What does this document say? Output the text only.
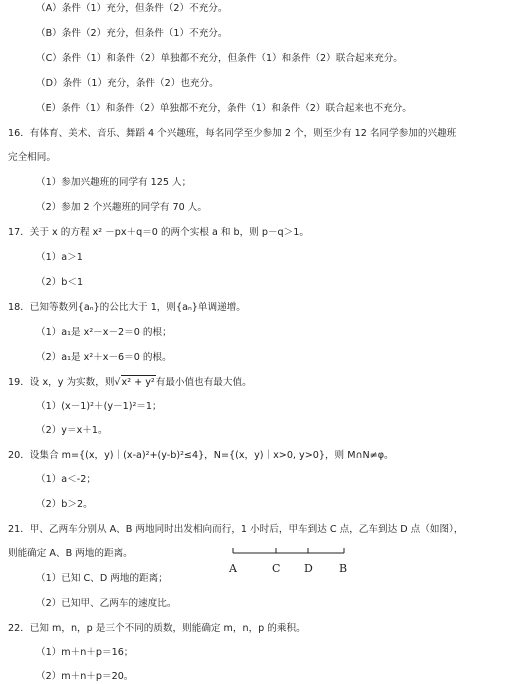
（A）条件（1）充分，但条件（2）不充分。
（B）条件（2）充分，但条件（1）不充分。
（C）条件（1）和条件（2）单独都不充分，但条件（1）和条件（2）联合起来充分。
（D）条件（1）充分，条件（2）也充分。
（E）条件（1）和条件（2）单独都不充分，条件（1）和条件（2）联合起来也不充分。
16．有体育、美术、音乐、舞蹈 4 个兴趣班，每名同学至少参加 2 个，则至少有 12 名同学参加的兴趣班
完全相同。
（1）参加兴趣班的同学有 125 人；
（2）参加 2 个兴趣班的同学有 70 人。
17．关于 x 的方程 x² －px＋q＝0 的两个实根 a 和 b，则 p－q＞1。
（1）a＞1
（2）b＜1
18．已知等数列{aₙ}的公比大于 1，则{aₙ}单调递增。
（1）a₁是 x²－x－2＝0 的根；
（2）a₁是 x²＋x－6＝0 的根。
19．设 x，y 为实数，则√x² + y²有最小值也有最大值。
（1）(x－1)²＋(y－1)²＝1；
（2）y＝x＋1。
20．设集合 m={(x，y)｜(x-a)²+(y-b)²≤4}，N={(x，y)｜x>0, y>0}，则 M∩N≠φ。
（1）a＜-2；
（2）b＞2。
21．甲、乙两车分别从 A、B 两地同时出发相向而行，1 小时后，甲车到达 C 点，乙车到达 D 点（如图），
则能确定 A、B 两地的距离。
（1）已知 C、D 两地的距离；
（2）已知甲、乙两车的速度比。
A	C D B
22．已知 m，n，p 是三个不同的质数，则能确定 m，n，p 的乘积。
（1）m＋n＋p＝16；
（2）m＋n＋p＝20。
